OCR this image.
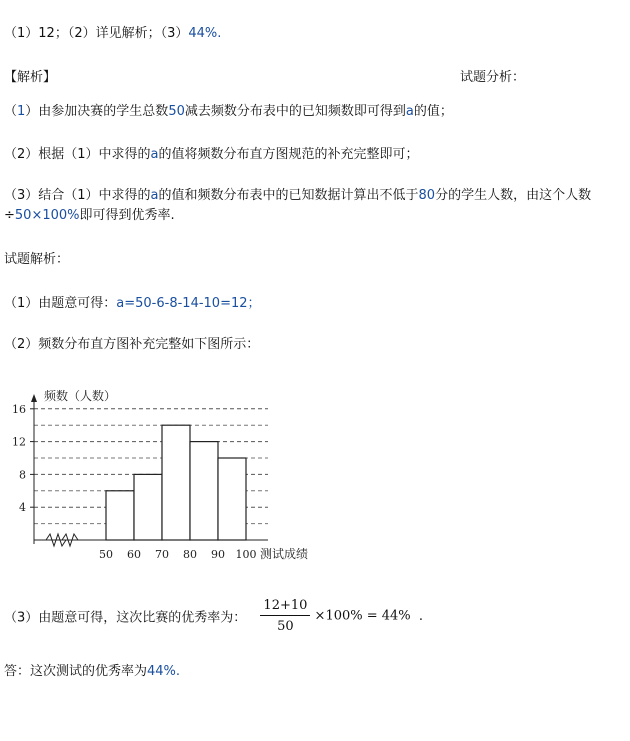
（1）12；（2）详见解析；（3）44%.
【解析】	试题分析：
（1）由参加决赛的学生总数50减去频数分布表中的已知频数即可得到a的值；
（2）根据（1）中求得的a的值将频数分布直方图规范的补充完整即可；
（3）结合（1）中求得的a的值和频数分布表中的已知数据计算出不低于80分的学生人数，由这个人数÷50×100%即可得到优秀率.
试题解析：
（1）由题意可得：a=50-6-8-14-10=12；
（2）频数分布直方图补充完整如下图所示：
4
8
12
16
频数（人数）
50 60 70 80 90 100 测试成绩
（3）由题意可得，这次比赛的优秀率为： $\frac{12+10}{50} \times 100\% = 44\%$ .
答：这次测试的优秀率为44%.
